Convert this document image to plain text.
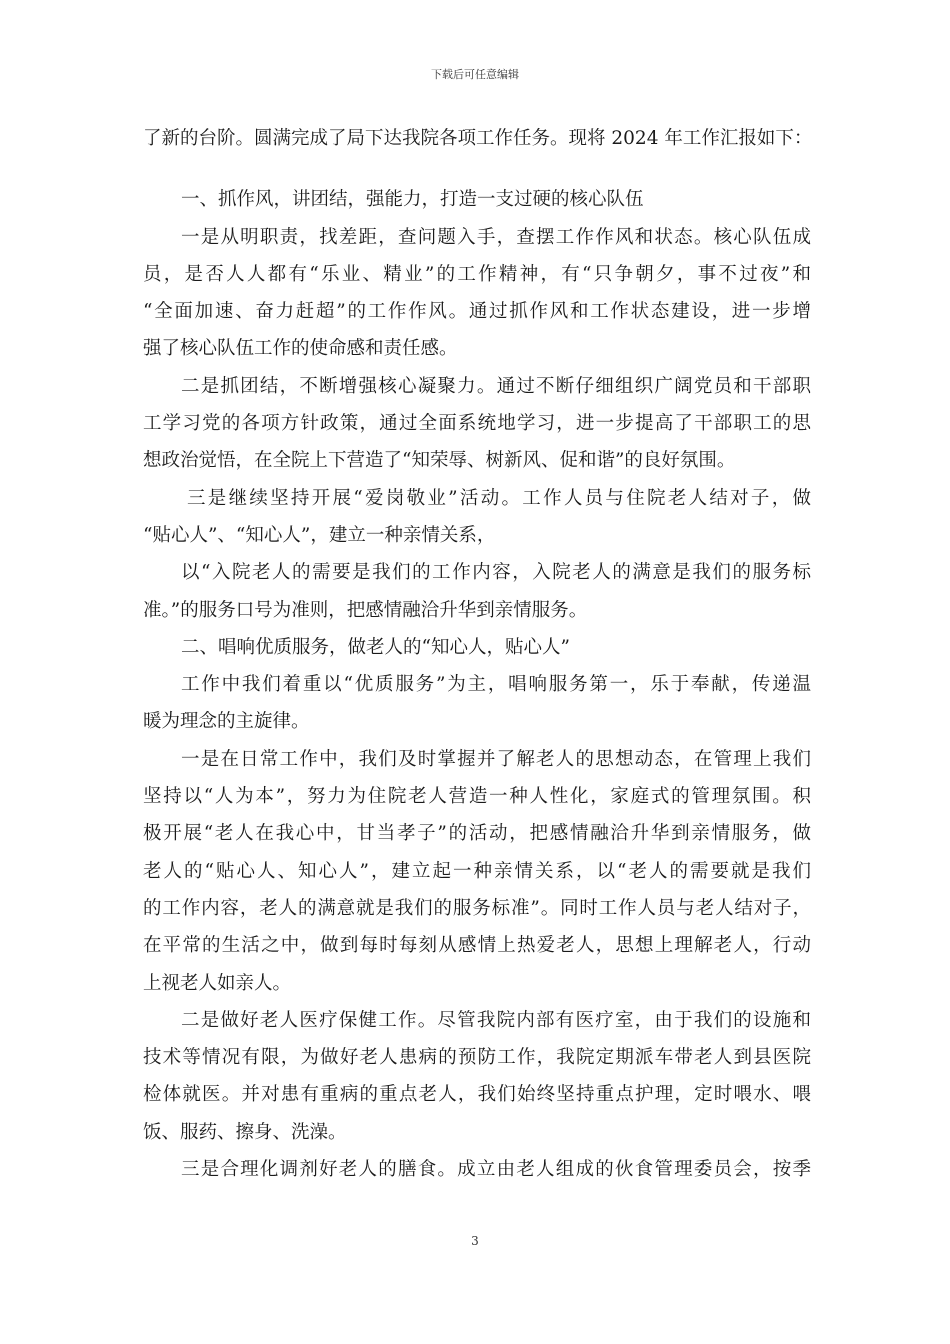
下载后可任意编辑
了新的台阶。圆满完成了局下达我院各项工作任务。现将 2024 年工作汇报如下：
一、抓作风，讲团结，强能力，打造一支过硬的核心队伍
一是从明职责，找差距，查问题入手，查摆工作作风和状态。核心队伍成
员，是否人人都有“乐业、精业”的工作精神，有“只争朝夕，事不过夜”和
“全面加速、奋力赶超”的工作作风。通过抓作风和工作状态建设，进一步增
强了核心队伍工作的使命感和责任感。
二是抓团结，不断增强核心凝聚力。通过不断仔细组织广阔党员和干部职
工学习党的各项方针政策，通过全面系统地学习，进一步提高了干部职工的思
想政治觉悟，在全院上下营造了“知荣辱、树新风、促和谐”的良好氛围。
三是继续坚持开展“爱岗敬业”活动。工作人员与住院老人结对子，做
“贴心人”、“知心人”，建立一种亲情关系，
以“入院老人的需要是我们的工作内容，入院老人的满意是我们的服务标
准。”的服务口号为准则，把感情融洽升华到亲情服务。
二、唱响优质服务，做老人的“知心人，贴心人”
工作中我们着重以“优质服务”为主，唱响服务第一，乐于奉献，传递温
暖为理念的主旋律。
一是在日常工作中，我们及时掌握并了解老人的思想动态，在管理上我们
坚持以“人为本”，努力为住院老人营造一种人性化，家庭式的管理氛围。积
极开展“老人在我心中，甘当孝子”的活动，把感情融洽升华到亲情服务，做
老人的“贴心人、知心人”，建立起一种亲情关系，以“老人的需要就是我们
的工作内容，老人的满意就是我们的服务标准”。同时工作人员与老人结对子，
在平常的生活之中，做到每时每刻从感情上热爱老人，思想上理解老人，行动
上视老人如亲人。
二是做好老人医疗保健工作。尽管我院内部有医疗室，由于我们的设施和
技术等情况有限，为做好老人患病的预防工作，我院定期派车带老人到县医院
检体就医。并对患有重病的重点老人，我们始终坚持重点护理，定时喂水、喂
饭、服药、擦身、洗澡。
三是合理化调剂好老人的膳食。成立由老人组成的伙食管理委员会，按季
3
